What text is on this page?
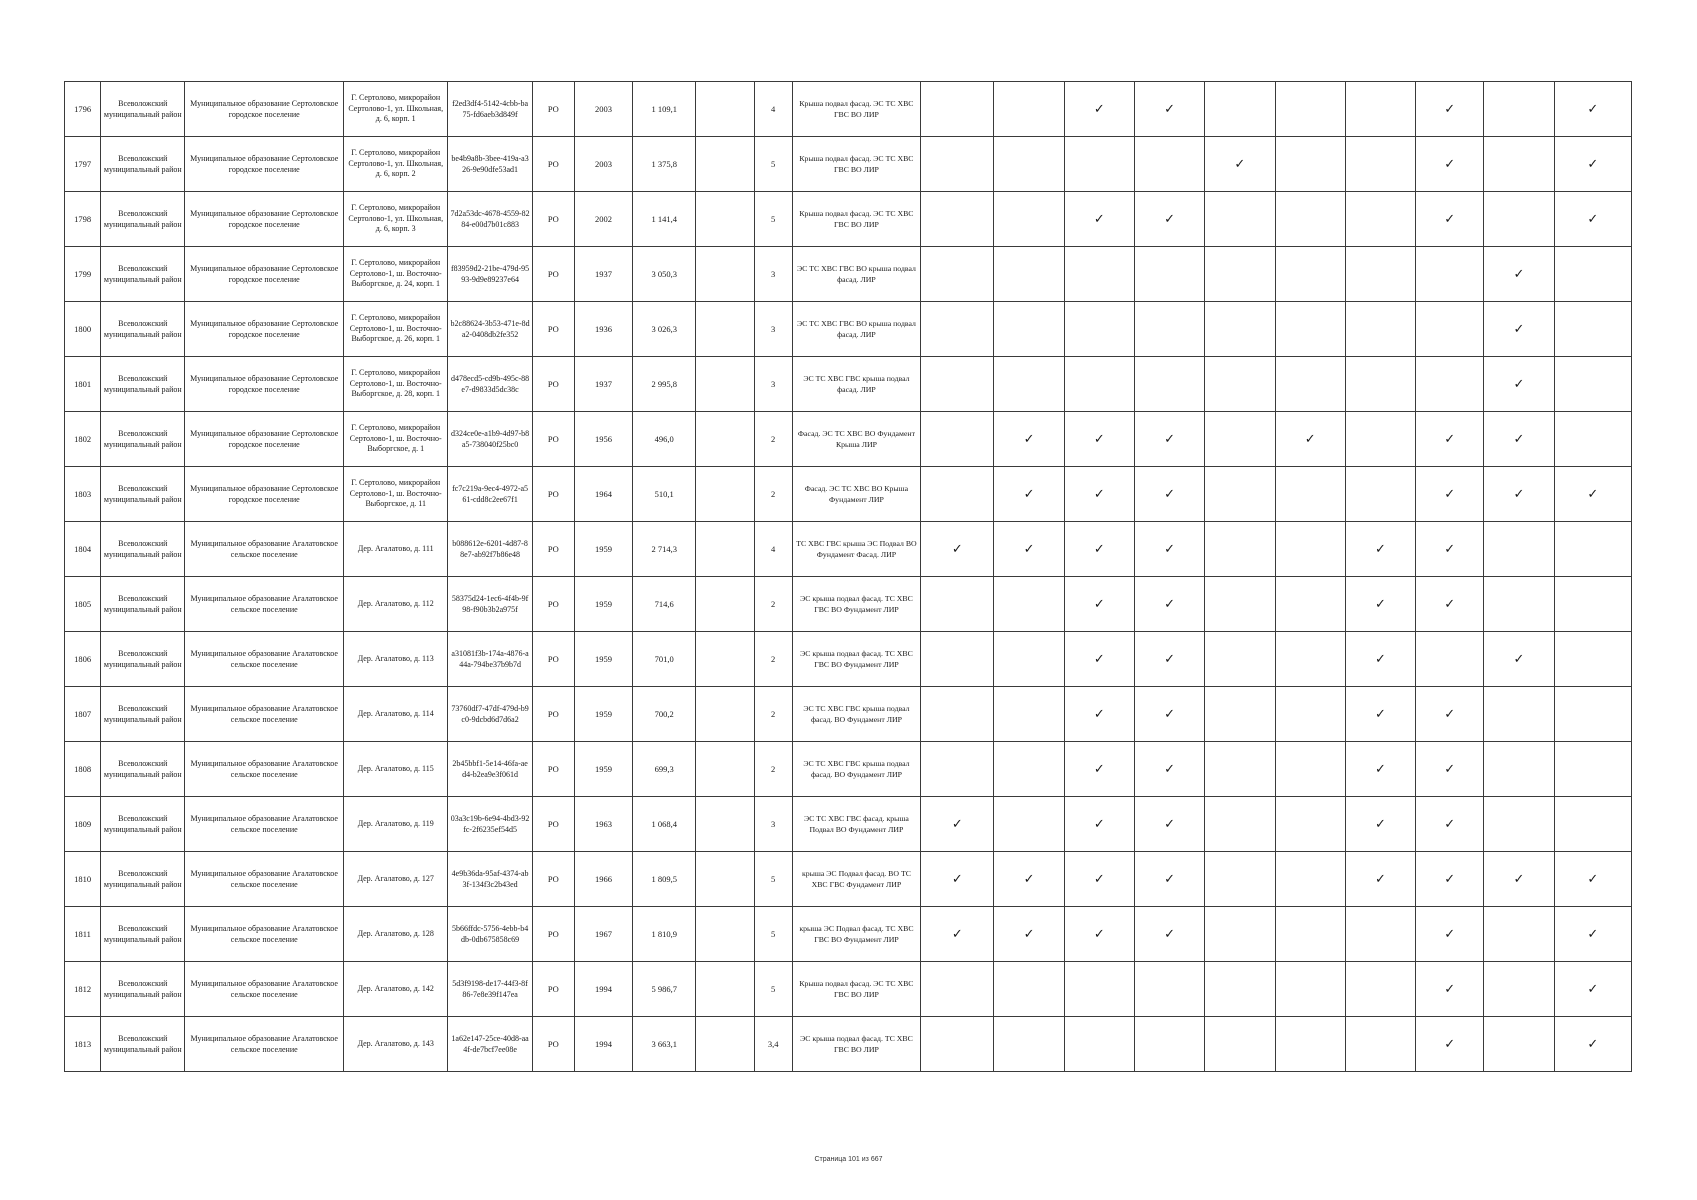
1796	Всеволожский муниципальный район	Муниципальное образование Сертоловское городское поселение	Г. Сертолово, микрорайон Сертолово-1, ул. Школьная, д. 6, корп. 1	f2ed3df4-5142-4cbb-ba75-fd6aeb3d849f	РО	2003	1 109,1		4	Крыша подвал фасад. ЭС ТС ХВС ГВС ВО ЛИР			✓	✓				✓		✓
1797	Всеволожский муниципальный район	Муниципальное образование Сертоловское городское поселение	Г. Сертолово, микрорайон Сертолово-1, ул. Школьная, д. 6, корп. 2	be4b9a8b-3bee-419a-a326-9e90dfe53ad1	РО	2003	1 375,8		5	Крыша подвал фасад. ЭС ТС ХВС ГВС ВО ЛИР					✓			✓		✓
1798	Всеволожский муниципальный район	Муниципальное образование Сертоловское городское поселение	Г. Сертолово, микрорайон Сертолово-1, ул. Школьная, д. 6, корп. 3	7d2a53dc-4678-4559-8284-e00d7b01c883	РО	2002	1 141,4		5	Крыша подвал фасад. ЭС ТС ХВС ГВС ВО ЛИР			✓	✓				✓		✓
1799	Всеволожский муниципальный район	Муниципальное образование Сертоловское городское поселение	Г. Сертолово, микрорайон Сертолово-1, ш. Восточно-Выборгское, д. 24, корп. 1	f83959d2-21be-479d-9593-9d9e89237e64	РО	1937	3 050,3		3	ЭС ТС ХВС ГВС ВО крыша подвал фасад. ЛИР									✓	
1800	Всеволожский муниципальный район	Муниципальное образование Сертоловское городское поселение	Г. Сертолово, микрорайон Сертолово-1, ш. Восточно-Выборгское, д. 26, корп. 1	b2c88624-3b53-471e-8da2-0408db2fe352	РО	1936	3 026,3		3	ЭС ТС ХВС ГВС ВО крыша подвал фасад. ЛИР									✓	
1801	Всеволожский муниципальный район	Муниципальное образование Сертоловское городское поселение	Г. Сертолово, микрорайон Сертолово-1, ш. Восточно-Выборгское, д. 28, корп. 1	d478ecd5-cd9b-495c-88e7-d9833d5dc38c	РО	1937	2 995,8		3	ЭС ТС ХВС ГВС крыша подвал фасад. ЛИР									✓	
1802	Всеволожский муниципальный район	Муниципальное образование Сертоловское городское поселение	Г. Сертолово, микрорайон Сертолово-1, ш. Восточно-Выборгское, д. 1	d324ce0e-a1b9-4d97-b8a5-738040f25bc0	РО	1956	496,0		2	Фасад. ЭС ТС ХВС ВО Фундамент Крыша ЛИР		✓	✓	✓		✓		✓	✓	
1803	Всеволожский муниципальный район	Муниципальное образование Сертоловское городское поселение	Г. Сертолово, микрорайон Сертолово-1, ш. Восточно-Выборгское, д. 11	fc7c219a-9ec4-4972-a561-cdd8c2ee67f1	РО	1964	510,1		2	Фасад. ЭС ТС ХВС ВО Крыша Фундамент ЛИР		✓	✓	✓				✓	✓	✓
1804	Всеволожский муниципальный район	Муниципальное образование Агалатовское сельское поселение	Дер. Агалатово, д. 111	b088612e-6201-4d87-88e7-ab92f7b86e48	РО	1959	2 714,3		4	ТС ХВС ГВС крыша ЭС Подвал ВО Фундамент Фасад. ЛИР	✓	✓	✓	✓			✓	✓		
1805	Всеволожский муниципальный район	Муниципальное образование Агалатовское сельское поселение	Дер. Агалатово, д. 112	58375d24-1ec6-4f4b-9f98-f90b3b2a975f	РО	1959	714,6		2	ЭС крыша подвал фасад. ТС ХВС ГВС ВО Фундамент ЛИР			✓	✓			✓	✓		
1806	Всеволожский муниципальный район	Муниципальное образование Агалатовское сельское поселение	Дер. Агалатово, д. 113	a31081f3b-174a-4876-a44a-794be37b9b7d	РО	1959	701,0		2	ЭС крыша подвал фасад. ТС ХВС ГВС ВО Фундамент ЛИР			✓	✓			✓		✓	
1807	Всеволожский муниципальный район	Муниципальное образование Агалатовское сельское поселение	Дер. Агалатово, д. 114	73760df7-47df-479d-b9c0-9dcbd6d7d6a2	РО	1959	700,2		2	ЭС ТС ХВС ГВС крыша подвал фасад. ВО Фундамент ЛИР			✓	✓			✓	✓		
1808	Всеволожский муниципальный район	Муниципальное образование Агалатовское сельское поселение	Дер. Агалатово, д. 115	2b45bbf1-5e14-46fa-aed4-b2ea9e3f061d	РО	1959	699,3		2	ЭС ТС ХВС ГВС крыша подвал фасад. ВО Фундамент ЛИР			✓	✓			✓	✓		
1809	Всеволожский муниципальный район	Муниципальное образование Агалатовское сельское поселение	Дер. Агалатово, д. 119	03a3c19b-6e94-4bd3-92fc-2f6235ef54d5	РО	1963	1 068,4		3	ЭС ТС ХВС ГВС фасад. крыша Подвал ВО Фундамент ЛИР	✓		✓	✓			✓	✓		
1810	Всеволожский муниципальный район	Муниципальное образование Агалатовское сельское поселение	Дер. Агалатово, д. 127	4e9b36da-95af-4374-ab3f-134f3c2b43ed	РО	1966	1 809,5		5	крыша ЭС Подвал фасад. ВО ТС ХВС ГВС Фундамент ЛИР	✓	✓	✓	✓			✓	✓	✓	✓
1811	Всеволожский муниципальный район	Муниципальное образование Агалатовское сельское поселение	Дер. Агалатово, д. 128	5b66ffdc-5756-4ebb-b4db-0db675858c69	РО	1967	1 810,9		5	крыша ЭС Подвал фасад. ТС ХВС ГВС ВО Фундамент ЛИР	✓	✓	✓	✓				✓		✓
1812	Всеволожский муниципальный район	Муниципальное образование Агалатовское сельское поселение	Дер. Агалатово, д. 142	5d3f9198-de17-44f3-8f86-7e8e39f147ea	РО	1994	5 986,7		5	Крыша подвал фасад. ЭС ТС ХВС ГВС ВО ЛИР								✓		✓
1813	Всеволожский муниципальный район	Муниципальное образование Агалатовское сельское поселение	Дер. Агалатово, д. 143	1a62e147-25ce-40d8-aa4f-de7bcf7ee08e	РО	1994	3 663,1		3,4	ЭС крыша подвал фасад. ТС ХВС ГВС ВО ЛИР								✓		✓
Страница 101 из 667
